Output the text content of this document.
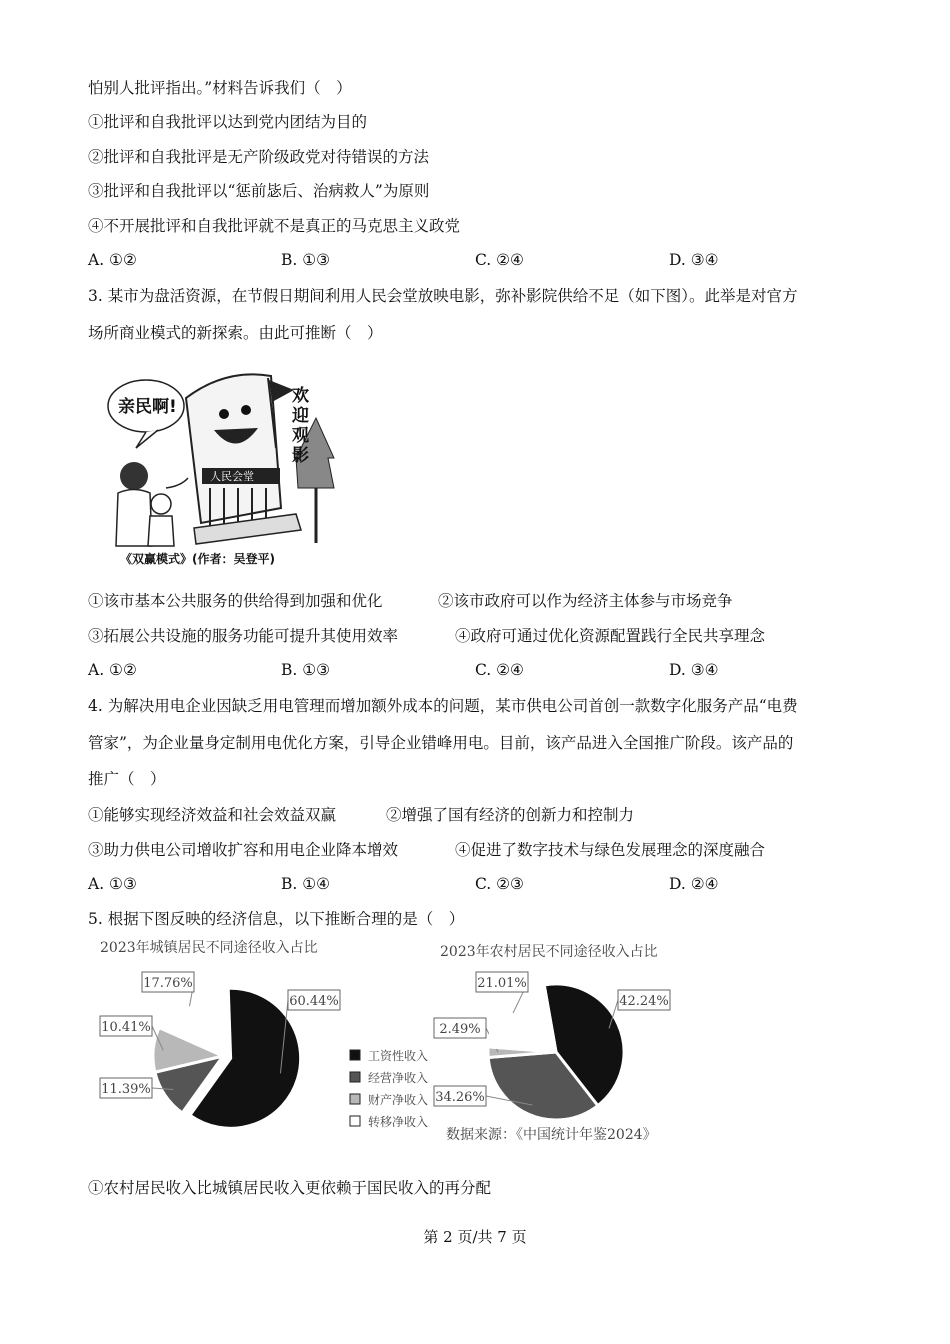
怕别人批评指出。”材料告诉我们（　）
①批评和自我批评以达到党内团结为目的
②批评和自我批评是无产阶级政党对待错误的方法
③批评和自我批评以“惩前毖后、治病救人”为原则
④不开展批评和自我批评就不是真正的马克思主义政党
A. ①②	B. ①③	C. ②④	D. ③④
3. 某市为盘活资源，在节假日期间利用人民会堂放映电影，弥补影院供给不足（如下图）。此举是对官方
场所商业模式的新探索。由此可推断（　）
亲民啊!
欢迎观影
人民会堂
《双赢模式》(作者：吴登平)
①该市基本公共服务的供给得到加强和优化	②该市政府可以作为经济主体参与市场竞争
③拓展公共设施的服务功能可提升其使用效率	④政府可通过优化资源配置践行全民共享理念
A. ①②	B. ①③	C. ②④	D. ③④
4. 为解决用电企业因缺乏用电管理而增加额外成本的问题，某市供电公司首创一款数字化服务产品“电费
管家”，为企业量身定制用电优化方案，引导企业错峰用电。目前，该产品进入全国推广阶段。该产品的
推广（　）
①能够实现经济效益和社会效益双赢	②增强了国有经济的创新力和控制力
③助力供电公司增收扩容和用电企业降本增效	④促进了数字技术与绿色发展理念的深度融合
A. ①③	B. ①④	C. ②③	D. ②④
5. 根据下图反映的经济信息，以下推断合理的是（　）
2023年城镇居民不同途径收入占比
60.44%
11.39%
10.41%
17.76%
2023年农村居民不同途径收入占比
42.24%
34.26%
2.49%
21.01%
工资性收入
经营净收入
财产净收入
转移净收入
数据来源：《中国统计年鉴2024》
①农村居民收入比城镇居民收入更依赖于国民收入的再分配
第 2 页/共 7 页
